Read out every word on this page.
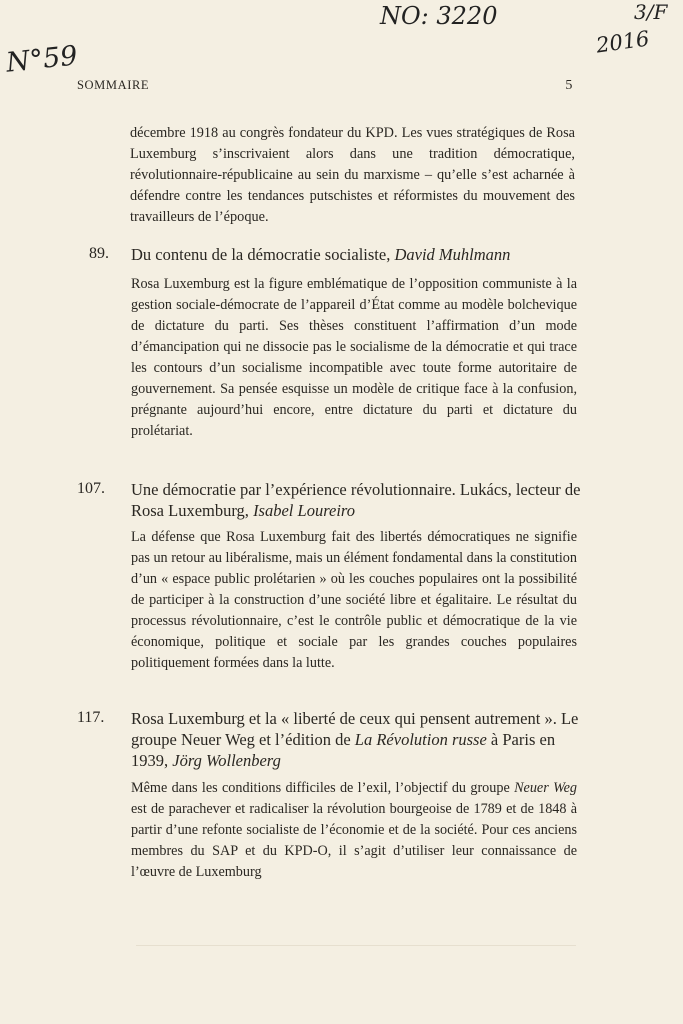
N°59
NO: 3220	3/F
2016
SOMMAIRE	5

décembre 1918 au congrès fondateur du KPD. Les vues stratégiques de Rosa Luxemburg s’inscrivaient alors dans une tradition démocratique, révolutionnaire-républicaine au sein du marxisme – qu’elle s’est acharnée à défendre contre les tendances putschistes et réformistes du mouvement des travailleurs de l’époque.

89. Du contenu de la démocratie socialiste, David Muhlmann
Rosa Luxemburg est la figure emblématique de l’opposition communiste à la gestion sociale-démocrate de l’appareil d’État comme au modèle bolchevique de dictature du parti. Ses thèses constituent l’affirmation d’un mode d’émancipation qui ne dissocie pas le socialisme de la démocratie et qui trace les contours d’un socialisme incompatible avec toute forme autoritaire de gouvernement. Sa pensée esquisse un modèle de critique face à la confusion, prégnante aujourd’hui encore, entre dictature du parti et dictature du prolétariat.
107. Une démocratie par l’expérience révolutionnaire. Lukács, lecteur de Rosa Luxemburg, Isabel Loureiro
La défense que Rosa Luxemburg fait des libertés démocratiques ne signifie pas un retour au libéralisme, mais un élément fondamental dans la constitution d’un « espace public prolétarien » où les couches populaires ont la possibilité de participer à la construction d’une société libre et égalitaire. Le résultat du processus révolutionnaire, c’est le contrôle public et démocratique de la vie économique, politique et sociale par les grandes couches populaires politiquement formées dans la lutte.
117. Rosa Luxemburg et la « liberté de ceux qui pensent autrement ». Le groupe Neuer Weg et l’édition de La Révolution russe à Paris en 1939, Jörg Wollenberg
Même dans les conditions difficiles de l’exil, l’objectif du groupe Neuer Weg est de parachever et radicaliser la révolution bourgeoise de 1789 et de 1848 à partir d’une refonte socialiste de l’économie et de la société. Pour ces anciens membres du SAP et du KPD-O, il s’agit d’utiliser leur connaissance de l’œuvre de Luxemburg
